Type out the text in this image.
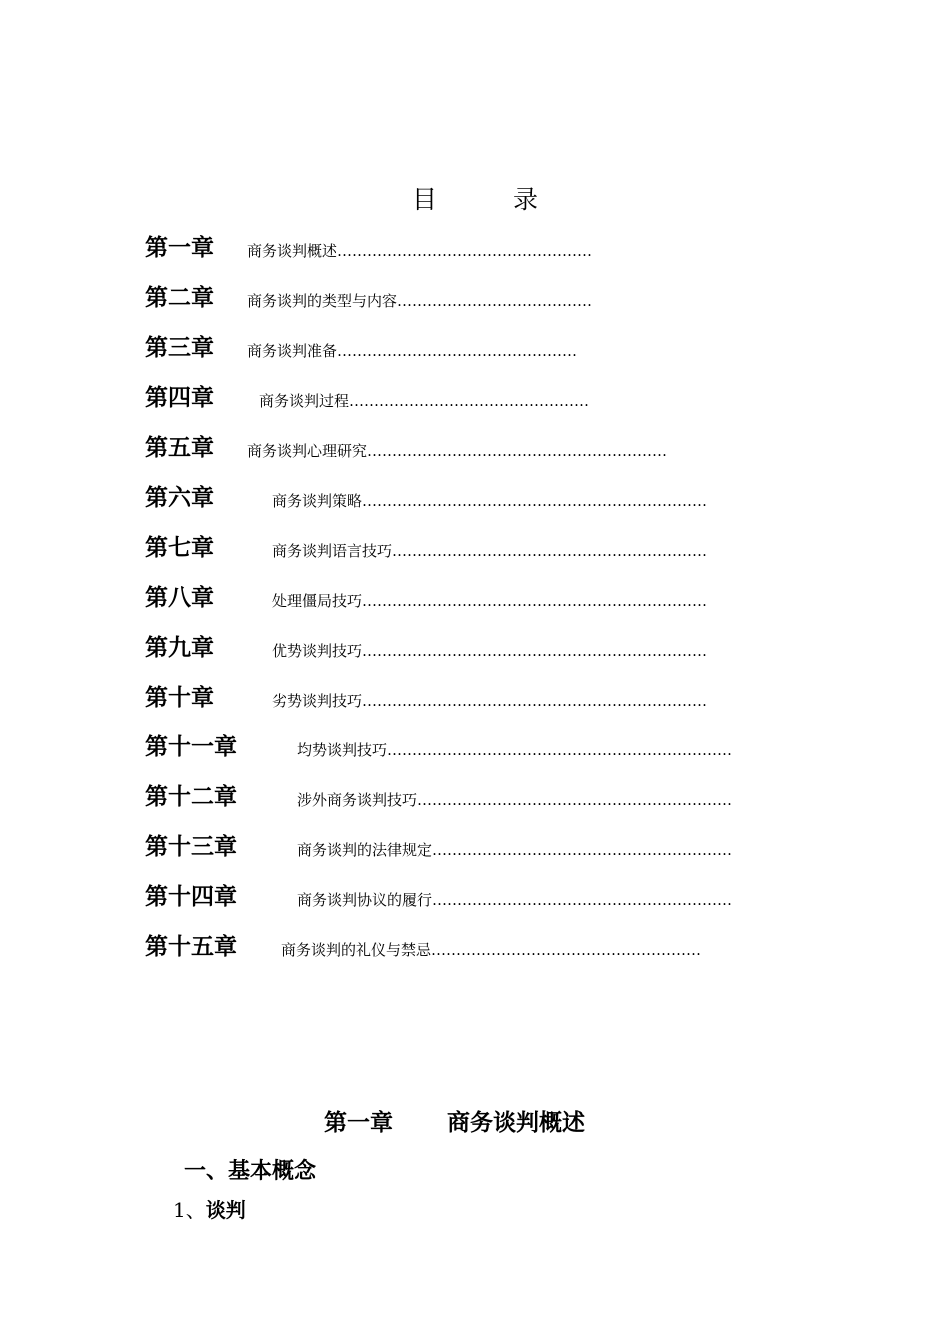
目 录
第一章 商务谈判概述……………………………………………
第二章 商务谈判的类型与内容…………………………………
第三章 商务谈判准备…………………………………………
第四章	商务谈判过程…………………………………………
第五章 商务谈判心理研究……………………………………………………
第六章	商务谈判策略……………………………………………………………
第七章	商务谈判语言技巧………………………………………………………
第八章	处理僵局技巧……………………………………………………………
第九章	优势谈判技巧……………………………………………………………
第十章	劣势谈判技巧……………………………………………………………
第十一章	均势谈判技巧……………………………………………………………
第十二章	涉外商务谈判技巧………………………………………………………
第十三章	商务谈判的法律规定……………………………………………………
第十四章	商务谈判协议的履行……………………………………………………
第十五章	商务谈判的礼仪与禁忌………………………………………………
第一章 商务谈判概述
一、基本概念
1、谈判
